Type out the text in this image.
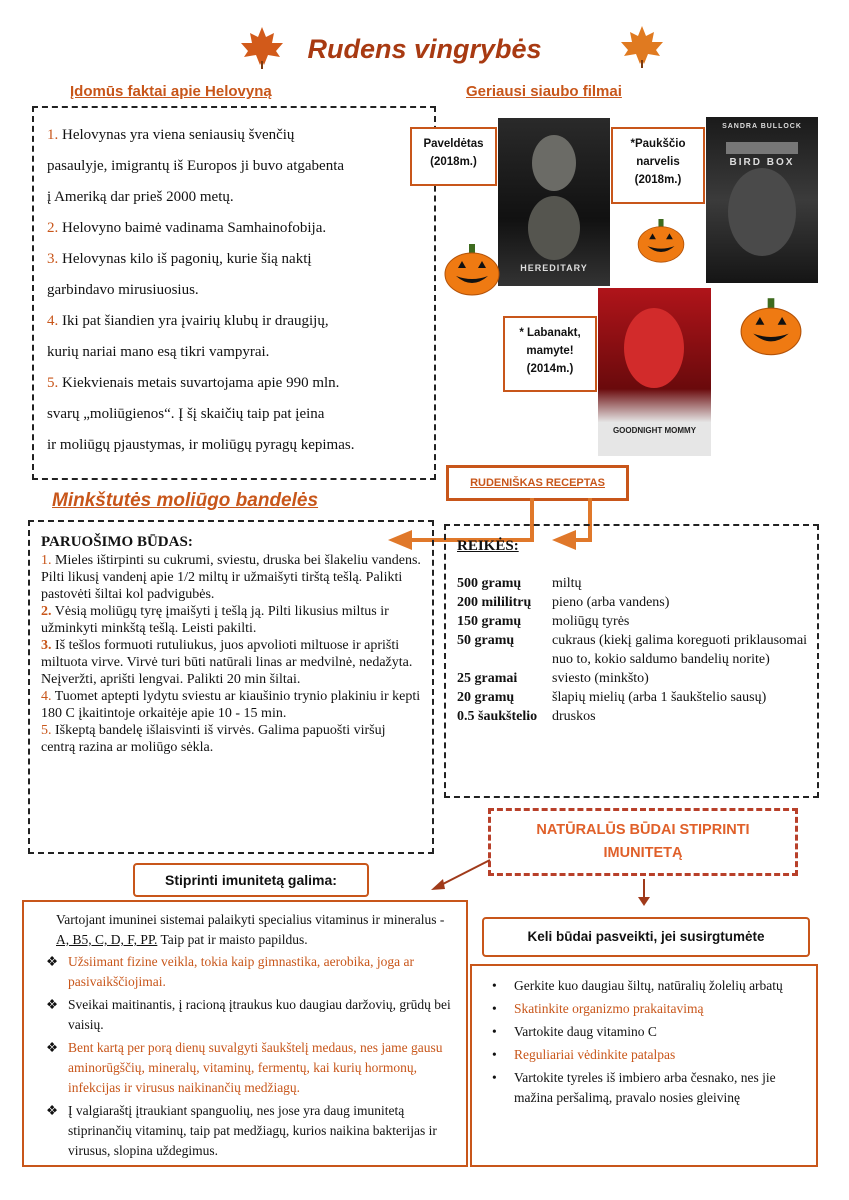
Rudens vingrybės
Įdomūs faktai apie Helovyną

1. Helovynas yra viena seniausių švenčių

pasaulyje, imigrantų iš Europos ji buvo atgabenta

į Ameriką dar prieš 2000 metų.

2. Helovyno baimė vadinama Samhainofobija.

3. Helovynas kilo iš pagonių, kurie šią naktį

garbindavo mirusiuosius.

4. Iki pat šiandien yra įvairių klubų ir draugijų,

kurių nariai mano esą tikri vampyrai.

5. Kiekvienais metais suvartojama apie 990 mln.

svarų „moliūgienos“. Į šį skaičių taip pat įeina

ir moliūgų pjaustymas, ir moliūgų pyragų kepimas.

Geriausi siaubo filmai
Paveldėtas
(2018m.)
HEREDITARY
*Paukščio
narvelis
(2018m.)
SANDRA BULLOCK
BIRD BOX
* Labanakt,
mamyte!
(2014m.)
GOODNIGHT MOMMY
RUDENIŠKAS RECEPTAS
Minkštutės moliūgo bandelės
PARUOŠIMO BŪDAS:

1. Mieles ištirpinti su cukrumi, sviestu, druska bei šlakeliu vandens. Pilti likusį vandenį apie 1/2 miltų ir užmaišyti tirštą tešlą. Palikti pastovėti šiltai kol padvigubės.

2. Vėsią moliūgų tyrę įmaišyti į tešlą ją. Pilti likusius miltus ir užminkyti minkštą tešlą. Leisti pakilti.

3. Iš tešlos formuoti rutuliukus, juos apvolioti miltuose ir aprišti miltuota virve. Virvė turi būti natūrali linas ar medvilnė, nedažyta. Neįveržti, aprišti lengvai. Palikti 20 min šiltai.

4. Tuomet aptepti lydytu sviestu ar kiaušinio trynio plakiniu ir kepti 180 C įkaitintoje orkaitėje apie 10 - 15 min.

5. Iškeptą bandelę išlaisvinti iš virvės. Galima papuošti viršuj centrą razina ar moliūgo sėkla.

REIKĖS:
500 gramų	miltų
200 mililitrų	pieno (arba vandens)
150 gramų	moliūgų tyrės
50 gramų	cukraus (kiekį galima koreguoti priklausomai nuo to, kokio saldumo bandelių norite)
25 gramai	sviesto (minkšto)
20 gramų	šlapių mielių (arba 1 šaukštelio sausų)
0.5 šaukštelio	druskos
NATŪRALŪS BŪDAI STIPRINTI IMUNITETĄ
Stiprinti imunitetą galima:
Vartojant imuninei sistemai palaikyti specialius vitaminus ir mineralus - A, B5, C, D, F, PP. Taip pat ir maisto papildus.
❖ Užsiimant fizine veikla, tokia kaip gimnastika, aerobika, joga ar pasivaikščiojimai.
❖ Sveikai maitinantis, į racioną įtraukus kuo daugiau daržovių, grūdų bei vaisių.
❖ Bent kartą per porą dienų suvalgyti šaukštelį medaus, nes jame gausu aminorūgščių, mineralų, vitaminų, fermentų, kai kurių hormonų, infekcijas ir virusus naikinančių medžiagų.
❖ Į valgiaraštį įtraukiant spanguolių, nes jose yra daug imunitetą stiprinančių vitaminų, taip pat medžiagų, kurios naikina bakterijas ir virusus, slopina uždegimus.
Keli būdai pasveikti, jei susirgtumėte
• Gerkite kuo daugiau šiltų, natūralių žolelių arbatų
• Skatinkite organizmo prakaitavimą
• Vartokite daug vitamino C
• Reguliariai vėdinkite patalpas
• Vartokite tyreles iš imbiero arba česnako, nes jie mažina peršalimą, pravalo nosies gleivinę
